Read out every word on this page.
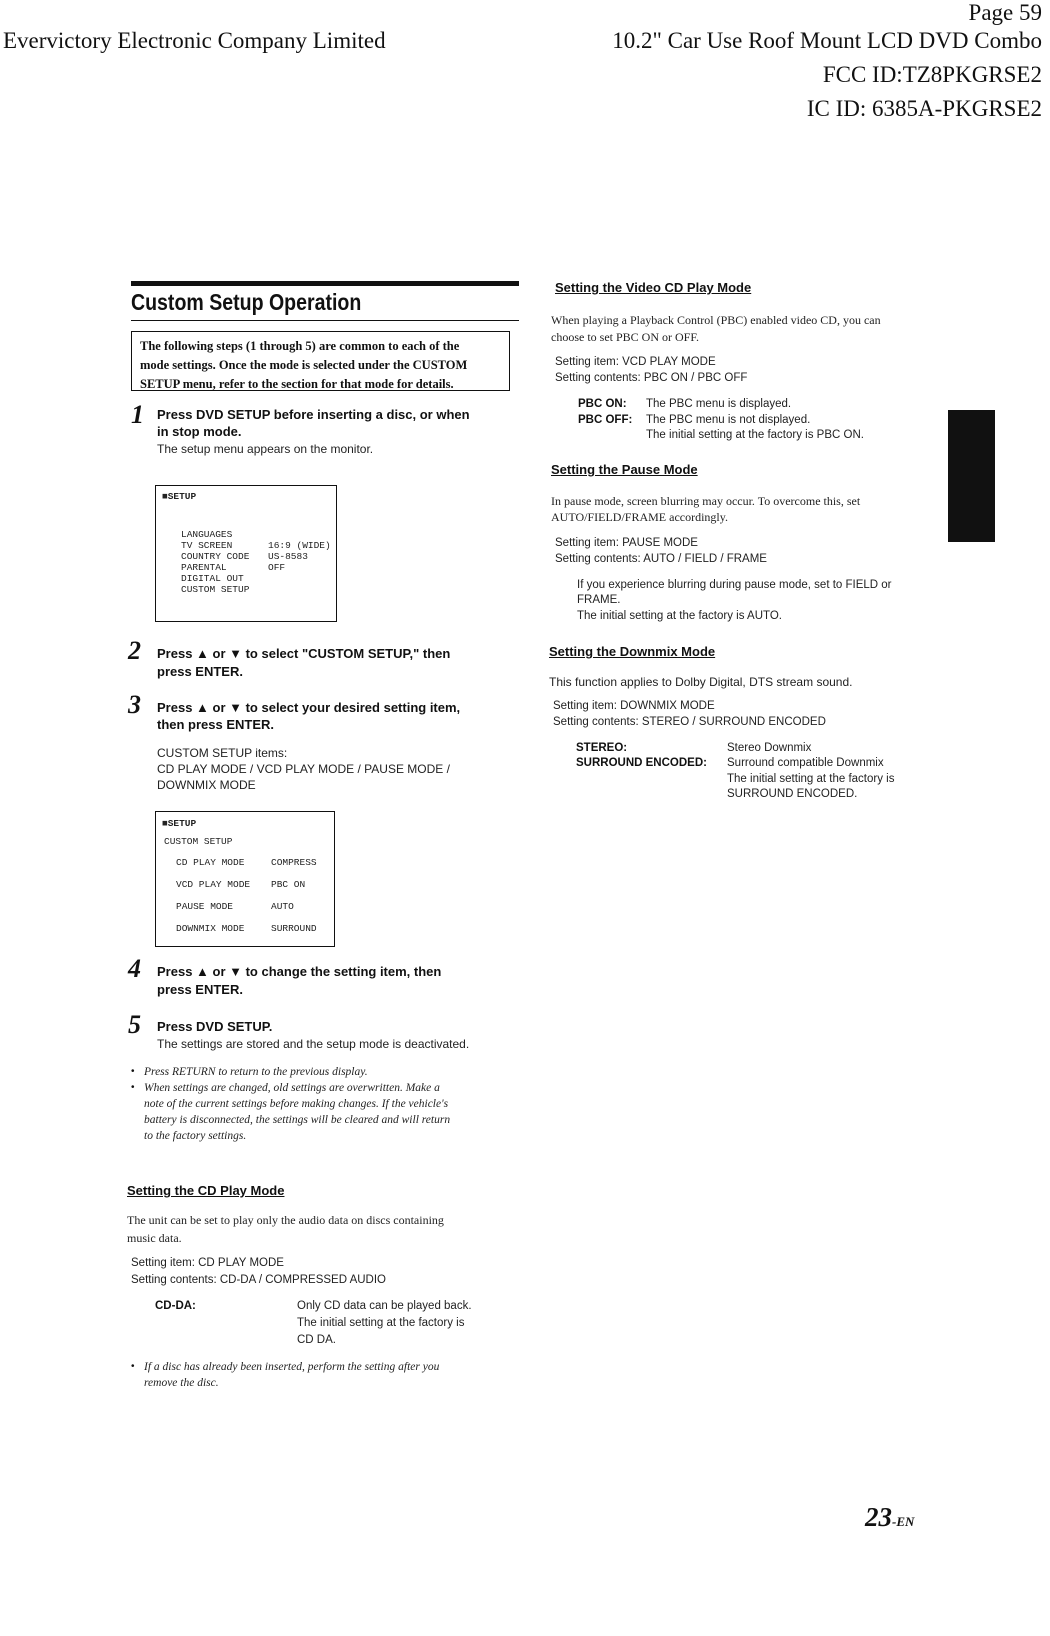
Evervictory Electronic Company Limited
Page 59
10.2" Car Use Roof Mount LCD DVD Combo
FCC ID:TZ8PKGRSE2
IC ID: 6385A-PKGRSE2
Custom Setup Operation
The following steps (1 through 5) are common to each of the
mode settings. Once the mode is selected under the CUSTOM
SETUP menu, refer to the section for that mode for details.
1 Press DVD SETUP before inserting a disc, or when
in stop mode.
The setup menu appears on the monitor.
■SETUP
LANGUAGES
TV SCREEN	16:9 (WIDE)
COUNTRY CODE US-8583
PARENTAL	OFF
DIGITAL OUT
CUSTOM SETUP
2 Press ▲ or ▼ to select "CUSTOM SETUP," then
press ENTER.
3 Press ▲ or ▼ to select your desired setting item,
then press ENTER.
CUSTOM SETUP items:
CD PLAY MODE / VCD PLAY MODE / PAUSE MODE /
DOWNMIX MODE
■SETUP
CUSTOM SETUP
CD PLAY MODE	COMPRESS
VCD PLAY MODE PBC ON
PAUSE MODE	AUTO
DOWNMIX MODE	SURROUND
4 Press ▲ or ▼ to change the setting item, then
press ENTER.
5 Press DVD SETUP.
The settings are stored and the setup mode is deactivated.
• Press RETURN to return to the previous display.
• When settings are changed, old settings are overwritten. Make a
note of the current settings before making changes. If the vehicle's
battery is disconnected, the settings will be cleared and will return
to the factory settings.
Setting the CD Play Mode
The unit can be set to play only the audio data on discs containing
music data.
Setting item: CD PLAY MODE
Setting contents: CD-DA / COMPRESSED AUDIO
CD-DA:	Only CD data can be played back.
The initial setting at the factory is
CD DA.
• If a disc has already been inserted, perform the setting after you
remove the disc.
Setting the Video CD Play Mode
When playing a Playback Control (PBC) enabled video CD, you can
choose to set PBC ON or OFF.
Setting item: VCD PLAY MODE
Setting contents: PBC ON / PBC OFF
PBC ON: The PBC menu is displayed.
PBC OFF: The PBC menu is not displayed.
The initial setting at the factory is PBC ON.
Setting the Pause Mode
In pause mode, screen blurring may occur. To overcome this, set
AUTO/FIELD/FRAME accordingly.
Setting item: PAUSE MODE
Setting contents: AUTO / FIELD / FRAME
If you experience blurring during pause mode, set to FIELD or
FRAME.
The initial setting at the factory is AUTO.
Setting the Downmix Mode
This function applies to Dolby Digital, DTS stream sound.
Setting item: DOWNMIX MODE
Setting contents: STEREO / SURROUND ENCODED
STEREO:	Stereo Downmix
SURROUND ENCODED: Surround compatible Downmix
The initial setting at the factory is
SURROUND ENCODED.
23-EN
